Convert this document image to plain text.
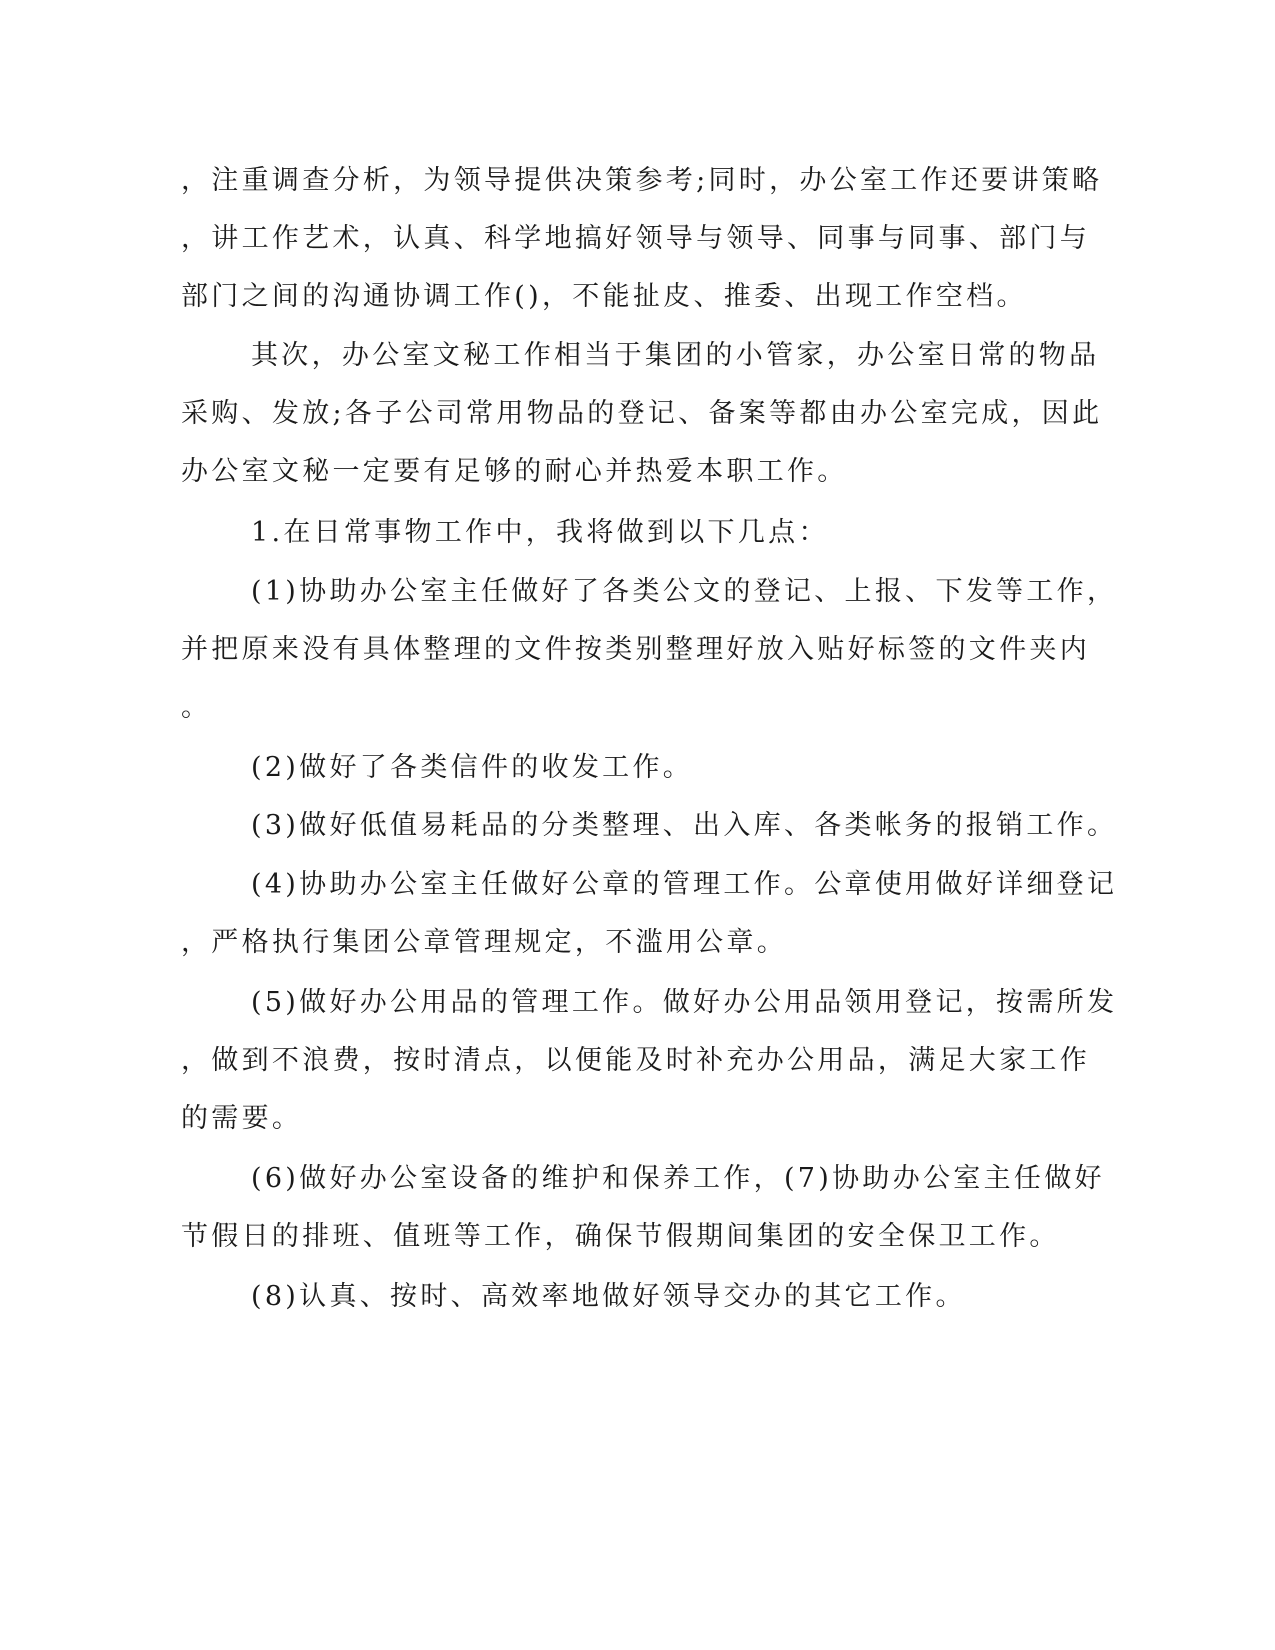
，注重调查分析，为领导提供决策参考;同时，办公室工作还要讲策略
，讲工作艺术，认真、科学地搞好领导与领导、同事与同事、部门与
部门之间的沟通协调工作()，不能扯皮、推委、出现工作空档。
其次，办公室文秘工作相当于集团的小管家，办公室日常的物品
采购、发放;各子公司常用物品的登记、备案等都由办公室完成，因此
办公室文秘一定要有足够的耐心并热爱本职工作。
1.在日常事物工作中，我将做到以下几点：
(1)协助办公室主任做好了各类公文的登记、上报、下发等工作，
并把原来没有具体整理的文件按类别整理好放入贴好标签的文件夹内
。
(2)做好了各类信件的收发工作。
(3)做好低值易耗品的分类整理、出入库、各类帐务的报销工作。
(4)协助办公室主任做好公章的管理工作。公章使用做好详细登记
，严格执行集团公章管理规定，不滥用公章。
(5)做好办公用品的管理工作。做好办公用品领用登记，按需所发
，做到不浪费，按时清点，以便能及时补充办公用品，满足大家工作
的需要。
(6)做好办公室设备的维护和保养工作，(7)协助办公室主任做好
节假日的排班、值班等工作，确保节假期间集团的安全保卫工作。
(8)认真、按时、高效率地做好领导交办的其它工作。
